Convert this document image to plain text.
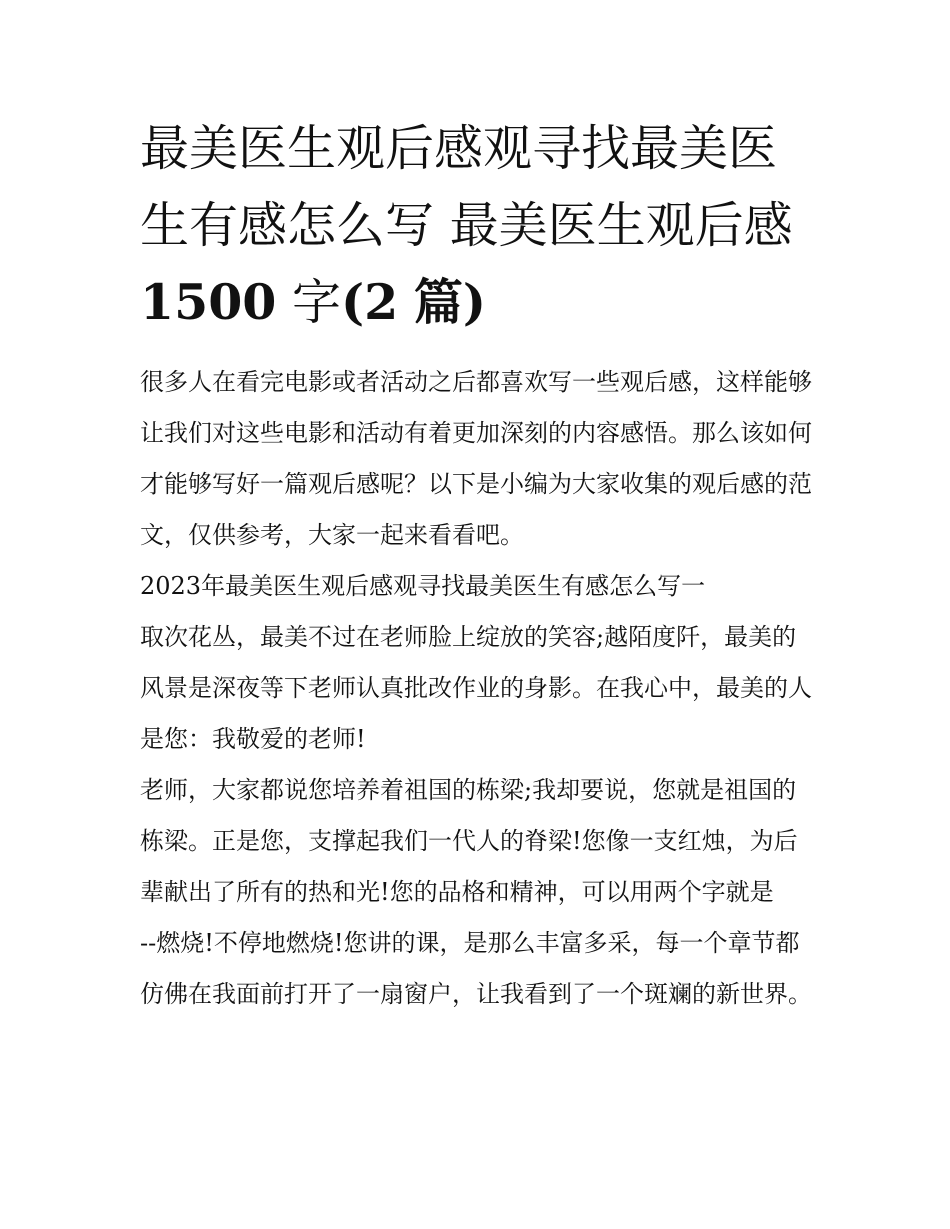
最美医生观后感观寻找最美医生有感怎么写 最美医生观后感1500 字(2 篇)

很多人在看完电影或者活动之后都喜欢写一些观后感，这样能够让我们对这些电影和活动有着更加深刻的内容感悟。那么该如何才能够写好一篇观后感呢？以下是小编为大家收集的观后感的范文，仅供参考，大家一起来看看吧。

2023年最美医生观后感观寻找最美医生有感怎么写一

取次花丛，最美不过在老师脸上绽放的笑容;越陌度阡，最美的风景是深夜等下老师认真批改作业的身影。在我心中，最美的人是您：我敬爱的老师!

老师，大家都说您培养着祖国的栋梁;我却要说，您就是祖国的栋梁。正是您，支撑起我们一代人的脊梁!您像一支红烛，为后辈献出了所有的热和光!您的品格和精神，可以用两个字就是

--燃烧!不停地燃烧!您讲的课，是那么丰富多采，每一个章节都仿佛在我面前打开了一扇窗户，让我看到了一个斑斓的新世界。
